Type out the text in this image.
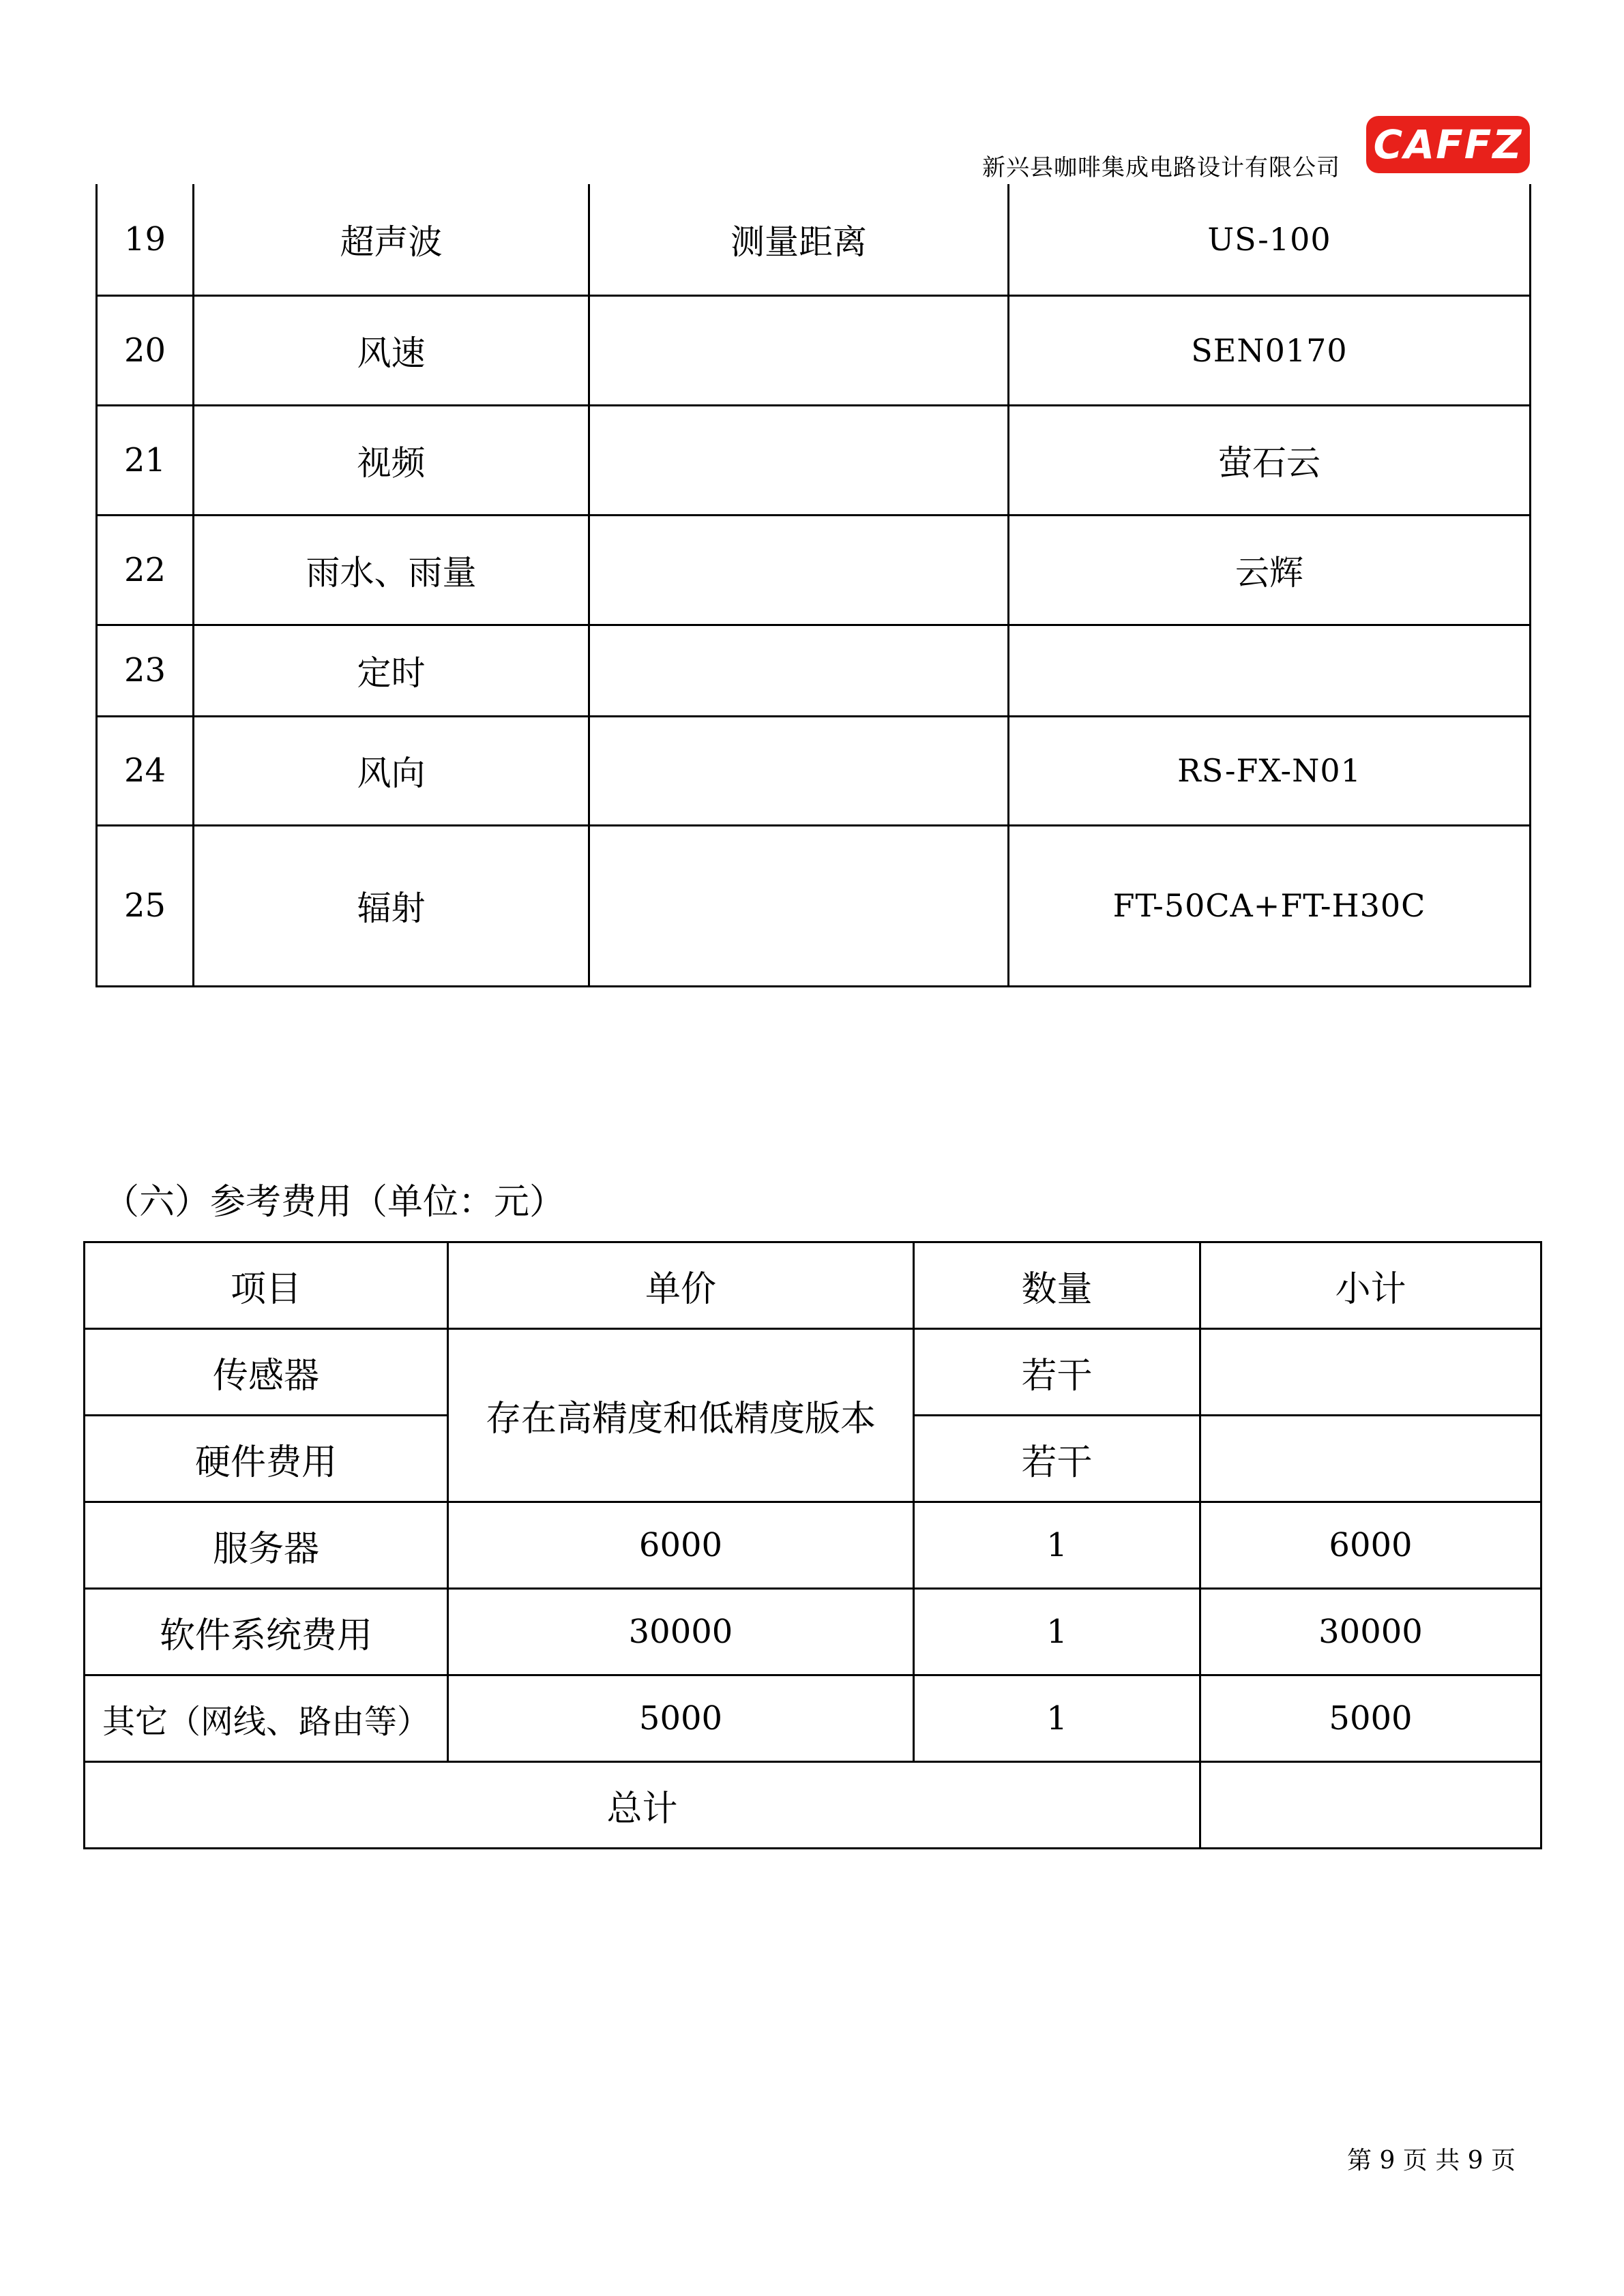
新兴县咖啡集成电路设计有限公司 CAFFZ
19	超声波	测量距离	US-100
20	风速		SEN0170
21	视频		萤石云
22	雨水、雨量		云辉
23	定时		
24	风向		RS-FX-N01
25	辐射		FT-50CA+FT-H30C
（六）参考费用（单位：元）
项目	单价	数量	小计
传感器	存在高精度和低精度版本	若干	
硬件费用		若干	
服务器	6000	1	6000
软件系统费用	30000	1	30000
其它（网线、路由等）	5000	1	5000
总计			
第 9 页 共 9 页
